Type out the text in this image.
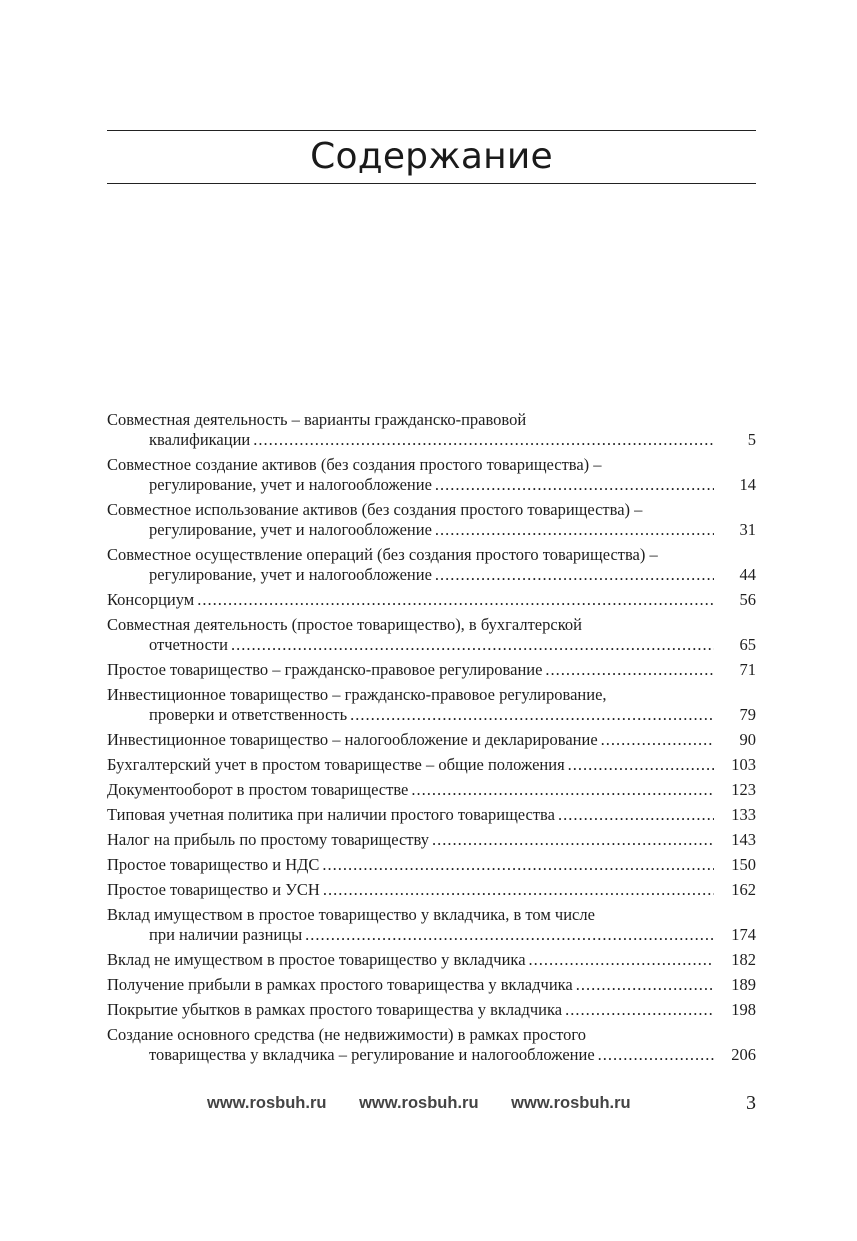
Содержание
Совместная деятельность – варианты гражданско-правовой
квалификации .....	5
Совместное создание активов (без создания простого товарищества) –
регулирование, учет и налогообложение .....	14
Совместное использование активов (без создания простого товарищества) –
регулирование, учет и налогообложение .....	31
Совместное осуществление операций (без создания простого товарищества) –
регулирование, учет и налогообложение .....	44
Консорциум .....	56
Совместная деятельность (простое товарищество), в бухгалтерской
отчетности .....	65
Простое товарищество – гражданско-правовое регулирование .....	71
Инвестиционное товарищество – гражданско-правовое регулирование,
проверки и ответственность .....	79
Инвестиционное товарищество – налогообложение и декларирование .....	90
Бухгалтерский учет в простом товариществе – общие положения .....	103
Документооборот в простом товариществе .....	123
Типовая учетная политика при наличии простого товарищества .....	133
Налог на прибыль по простому товариществу .....	143
Простое товарищество и НДС .....	150
Простое товарищество и УСН .....	162
Вклад имуществом в простое товарищество у вкладчика, в том числе
при наличии разницы .....	174
Вклад не имуществом в простое товарищество у вкладчика .....	182
Получение прибыли в рамках простого товарищества у вкладчика .....	189
Покрытие убытков в рамках простого товарищества у вкладчика .....	198
Создание основного средства (не недвижимости) в рамках простого
товарищества у вкладчика – регулирование и налогообложение .....	206
www.rosbuh.ru www.rosbuh.ru www.rosbuh.ru	3
